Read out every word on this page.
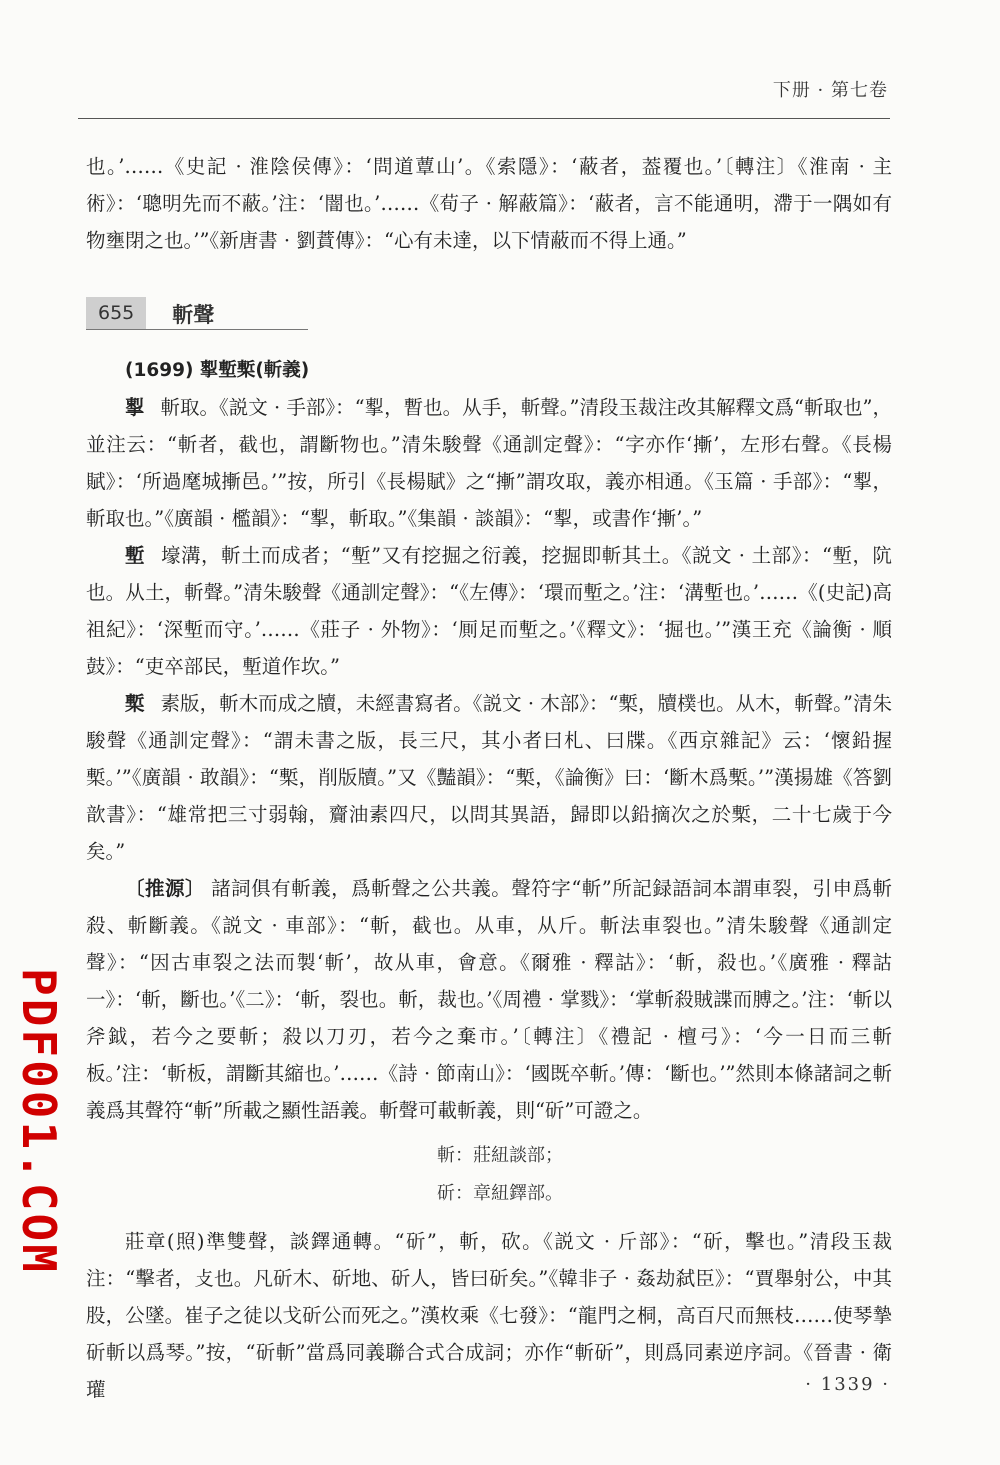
下册 · 第七卷

也。’……《史記 · 淮陰侯傳》：‘問道蕈山’。《索隱》：‘蔽者，葢覆也。’〔轉注〕《淮南 · 主術》：‘聰明先而不蔽。’注：‘闇也。’……《荀子 · 解蔽篇》：‘蔽者，言不能通明，滯于一隅如有物壅閉之也。’”《新唐書 · 劉蕡傳》：“心有未達，以下情蔽而不得上通。”

655	斬聲

(1699) 揧塹槧(斬義)

揧 斬取。《説文 · 手部》：“揧，暫也。从手，斬聲。”清段玉裁注改其解釋文爲“斬取也”，並注云：“斬者，截也，謂斷物也。”清朱駿聲《通訓定聲》：“字亦作‘摲’，左形右聲。《長楊賦》：‘所過麾城摲邑。’”按，所引《長楊賦》之“摲”謂攻取，義亦相通。《玉篇 · 手部》：“揧，斬取也。”《廣韻 · 檻韻》：“揧，斬取。”《集韻 · 談韻》：“揧，或書作‘摲’。”

塹 壕溝，斬土而成者；“塹”又有挖掘之衍義，挖掘即斬其土。《説文 · 土部》：“塹，阬也。从土，斬聲。”清朱駿聲《通訓定聲》：“《左傳》：‘環而塹之。’注：‘溝塹也。’……《(史記)高祖紀》：‘深塹而守。’……《莊子 · 外物》：‘厠足而塹之。’《釋文》：‘掘也。’”漢王充《論衡 · 順鼓》：“吏卒部民，塹道作坎。”

槧 素版，斬木而成之牘，未經書寫者。《説文 · 木部》：“槧，牘樸也。从木，斬聲。”清朱駿聲《通訓定聲》：“謂未書之版，長三尺，其小者曰札、曰牒。《西京雜記》云：‘懷鉛握槧。’”《廣韻 · 敢韻》：“槧，削版牘。”又《豔韻》：“槧，《論衡》曰：‘斷木爲槧。’”漢揚雄《答劉歆書》：“雄常把三寸弱翰，齎油素四尺，以問其異語，歸即以鉛摘次之於槧，二十七歲于今矣。”

〔推源〕 諸詞俱有斬義，爲斬聲之公共義。聲符字“斬”所記録語詞本謂車裂，引申爲斬殺、斬斷義。《説文 · 車部》：“斬，截也。从車，从斤。斬法車裂也。”清朱駿聲《通訓定聲》：“因古車裂之法而製‘斬’，故从車，會意。《爾雅 · 釋詁》：‘斬，殺也。’《廣雅 · 釋詁一》：‘斬，斷也。’《二》：‘斬，裂也。斬，裁也。’《周禮 · 掌戮》：‘掌斬殺賊諜而膊之。’注：‘斬以斧鉞，若今之要斬；殺以刀刃，若今之棄市。’〔轉注〕《禮記 · 檀弓》：‘今一日而三斬板。’注：‘斬板，謂斷其縮也。’……《詩 · 節南山》：‘國既卒斬。’傳：‘斷也。’”然則本條諸詞之斬義爲其聲符“斬”所載之顯性語義。斬聲可載斬義，則“斫”可證之。

斬：莊紐談部；
斫：章紐鐸部。

莊章(照)準雙聲，談鐸通轉。“斫”，斬，砍。《説文 · 斤部》：“斫，擊也。”清段玉裁注：“擊者，攴也。凡斫木、斫地、斫人，皆曰斫矣。”《韓非子 · 姦劫弑臣》：“賈舉射公，中其股，公墜。崔子之徒以戈斫公而死之。”漢枚乘《七發》：“龍門之桐，高百尺而無枝……使琴摯斫斬以爲琴。”按，“斫斬”當爲同義聯合式合成詞；亦作“斬斫”，則爲同素逆序詞。《晉書 · 衛瓘

PDF001.COM
· 1339 ·
